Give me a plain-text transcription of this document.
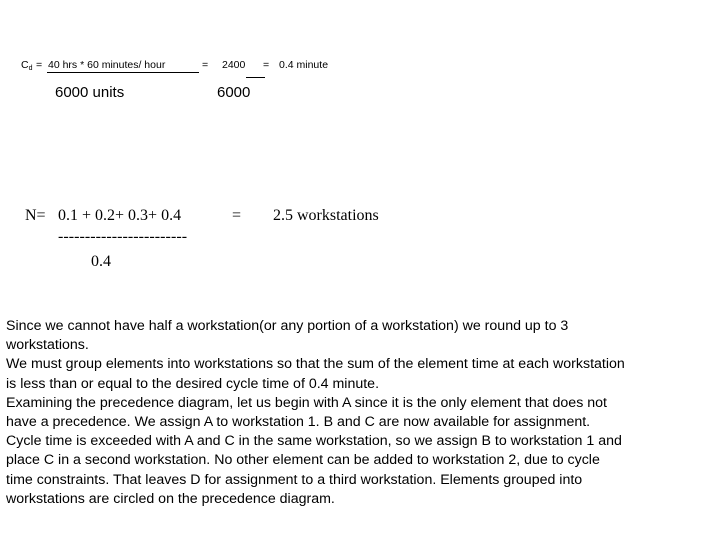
$C_d = 40$ hrs * 60 minutes/ hour	= 2400 = 0.4 minute
6000 units	6000
N= 0.1 + 0.2+ 0.3+ 0.4	= 2.5 workstations
------------------------
0.4

Since we cannot have half a workstation(or any portion of a workstation) we round up to 3

workstations.

We must group elements into workstations so that the sum of the element time at each workstation

is less than or equal to the desired cycle time of 0.4 minute.

Examining the precedence diagram, let us begin with A since it is the only element that does not

have a precedence. We assign A to workstation 1. B and C are now available for assignment.

Cycle time is exceeded with A and C in the same workstation, so we assign B to workstation 1 and

place C in a second workstation. No other element can be added to workstation 2, due to cycle

time constraints. That leaves D for assignment to a third workstation. Elements grouped into

workstations are circled on the precedence diagram.
